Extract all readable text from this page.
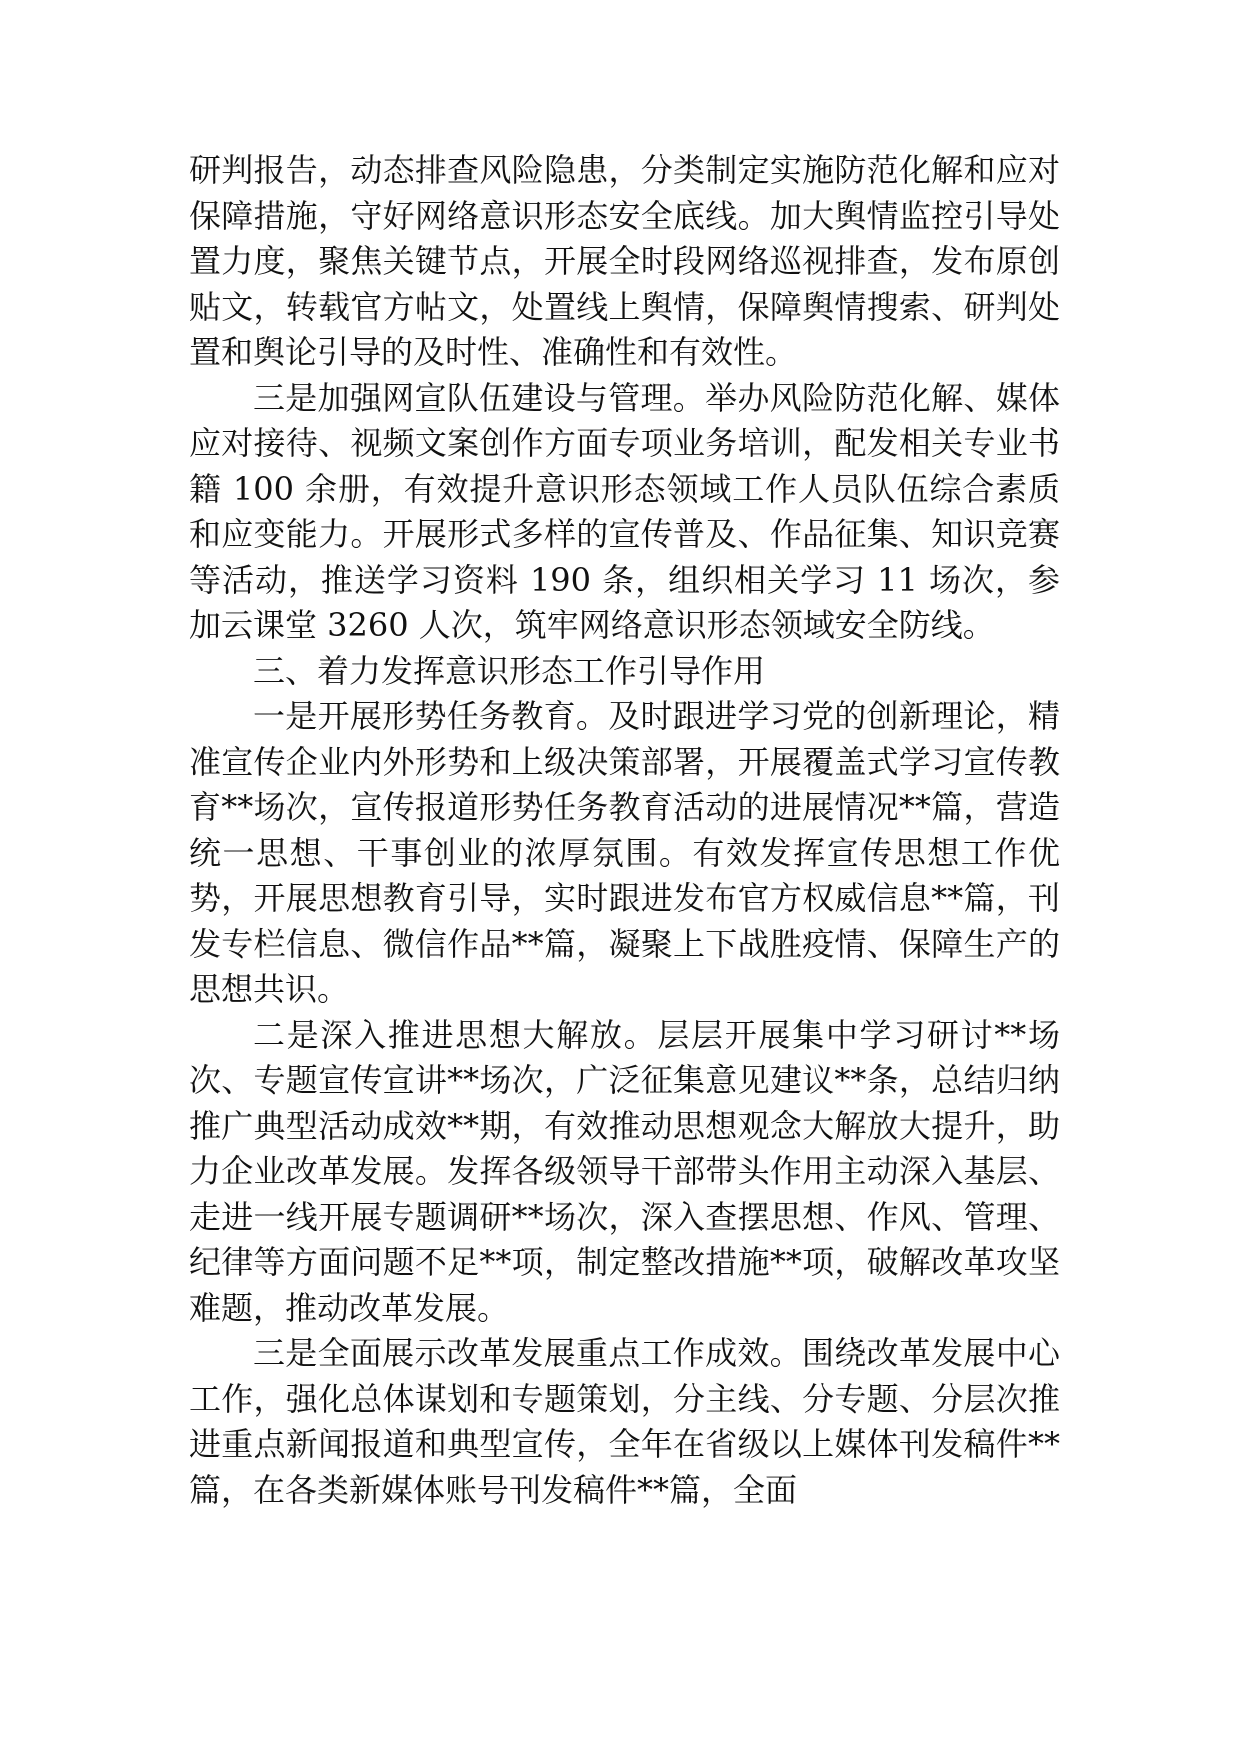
研判报告，动态排查风险隐患，分类制定实施防范化解和应对保障措施，守好网络意识形态安全底线。加大舆情监控引导处置力度，聚焦关键节点，开展全时段网络巡视排查，发布原创贴文，转载官方帖文，处置线上舆情，保障舆情搜索、研判处置和舆论引导的及时性、准确性和有效性。

三是加强网宣队伍建设与管理。举办风险防范化解、媒体应对接待、视频文案创作方面专项业务培训，配发相关专业书籍 100 余册，有效提升意识形态领域工作人员队伍综合素质和应变能力。开展形式多样的宣传普及、作品征集、知识竞赛等活动，推送学习资料 190 条，组织相关学习 11 场次，参加云课堂 3260 人次，筑牢网络意识形态领域安全防线。

三、着力发挥意识形态工作引导作用

一是开展形势任务教育。及时跟进学习党的创新理论，精准宣传企业内外形势和上级决策部署，开展覆盖式学习宣传教育**场次，宣传报道形势任务教育活动的进展情况**篇，营造统一思想、干事创业的浓厚氛围。有效发挥宣传思想工作优势，开展思想教育引导，实时跟进发布官方权威信息**篇，刊发专栏信息、微信作品**篇，凝聚上下战胜疫情、保障生产的思想共识。

二是深入推进思想大解放。层层开展集中学习研讨**场次、专题宣传宣讲**场次，广泛征集意见建议**条，总结归纳推广典型活动成效**期，有效推动思想观念大解放大提升，助力企业改革发展。发挥各级领导干部带头作用主动深入基层、走进一线开展专题调研**场次，深入查摆思想、作风、管理、纪律等方面问题不足**项，制定整改措施**项，破解改革攻坚难题，推动改革发展。

三是全面展示改革发展重点工作成效。围绕改革发展中心工作，强化总体谋划和专题策划，分主线、分专题、分层次推进重点新闻报道和典型宣传，全年在省级以上媒体刊发稿件**篇，在各类新媒体账号刊发稿件**篇，全面
